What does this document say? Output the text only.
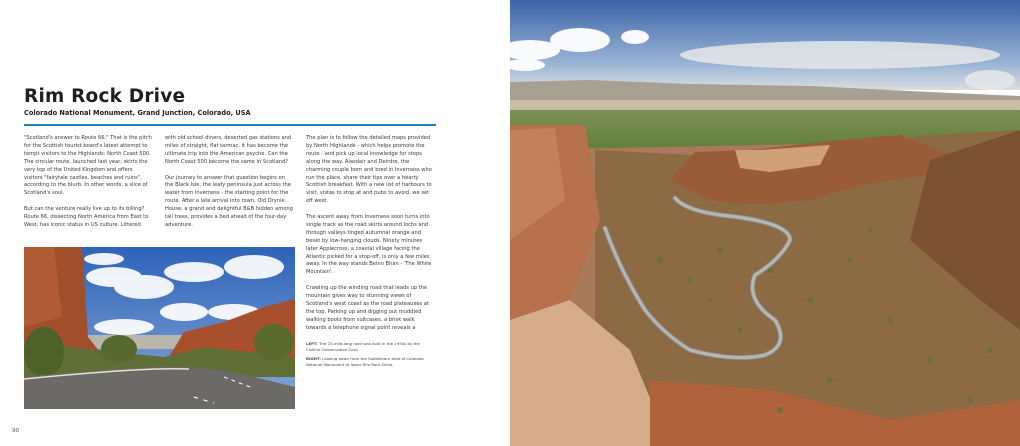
Rim Rock Drive
Colorado National Monument, Grand Junction, Colorado, USA

"Scotland's answer to Route 66." That is the pitch for the Scottish tourist board's latest attempt to tempt visitors to the Highlands: North Coast 500. The circular route, launched last year, skirts the very top of the United Kingdom and offers visitors "fairytale castles, beaches and ruins", according to the blurb. In other words, a slice of Scotland's soul.

But can the venture really live up to its billing? Route 66, dissecting North America from East to West, has iconic status in US culture. Littered

with old school diners, deserted gas stations and miles of straight, flat tarmac, it has become the ultimate trip into the American psyche. Can the North Coast 500 become the same in Scotland?

Our journey to answer that question begins on the Black Isle, the leafy peninsula just across the water from Inverness - the starting point for the route. After a late arrival into town, Old Drynie House, a grand and delightful B&B hidden among tall trees, provides a bed ahead of the four-day adventure.

The plan is to follow the detailed maps provided by North Highlands - which helps promote the route - and pick up local knowledge for stops along the way. Alasdair and Deirdre, the charming couple born and bred in Inverness who run the place, share their tips over a hearty Scottish breakfast. With a new list of harbours to visit, vistas to stop at and pubs to avoid, we set off west.

The ascent away from Inverness soon turns into single track as the road skirts around lochs and through valleys tinged autumnal orange and beset by low-hanging clouds. Ninety minutes later Applecross, a coastal village facing the Atlantic picked for a stop-off, is only a few miles away. In the way stands Beinn Bhàn - 'The White Mountain'.

Crawling up the winding road that leads up the mountain gives way to stunning views of Scotland's west coast as the road plateauxes at the top. Parking up and digging out muddied walking boots from suitcases, a brisk walk towards a telephone signal point reveals a

LEFT: The 23-mile-long road was built in the 1950s by the Civilian Conservation Corp.
RIGHT: Looking down from the Saddlehorn area of Colorado National Monument at lower Rim Rock Drive.
90
